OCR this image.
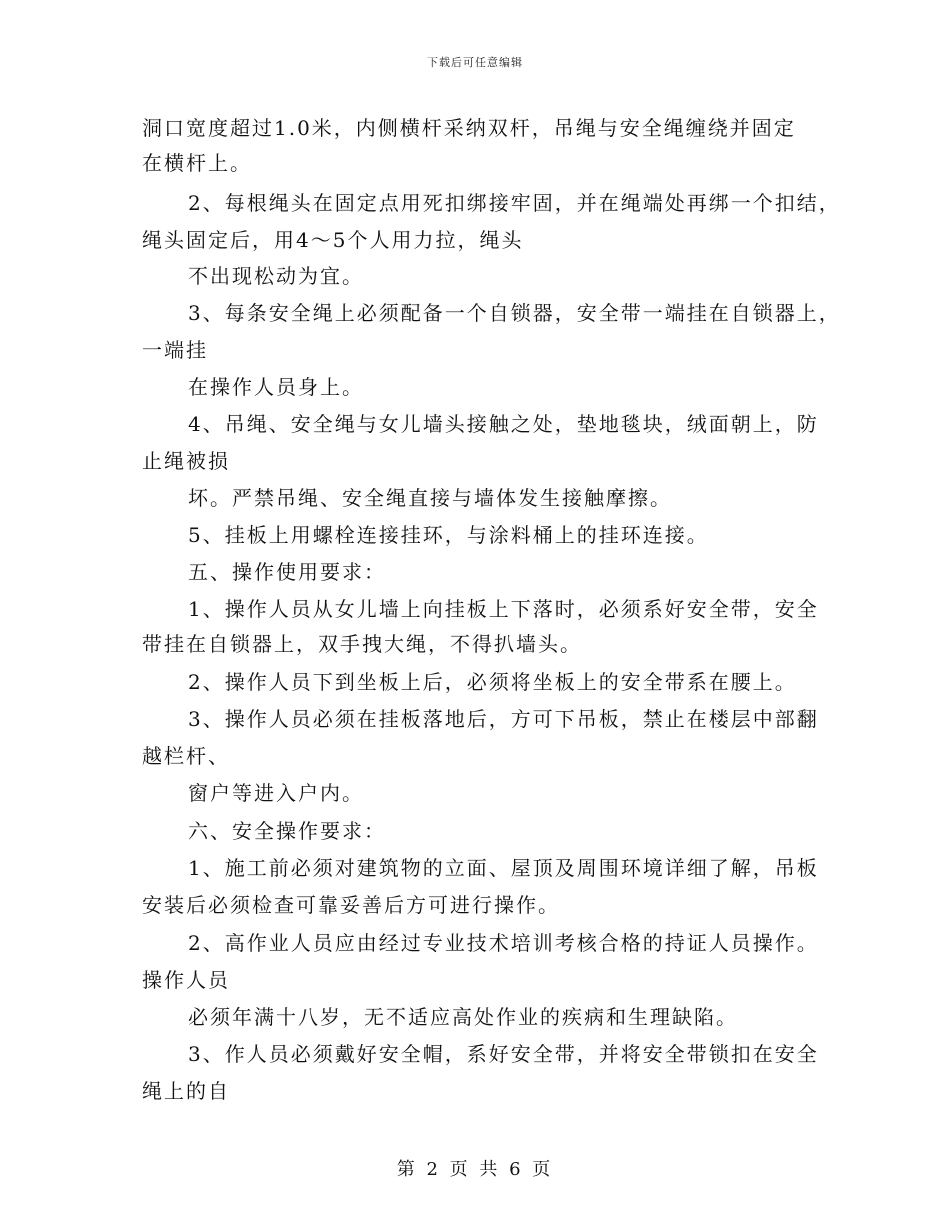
下载后可任意编辑
洞口宽度超过1.0米，内侧横杆采纳双杆，吊绳与安全绳缠绕并固定
在横杆上。
2、每根绳头在固定点用死扣绑接牢固，并在绳端处再绑一个扣结，
绳头固定后，用4～5个人用力拉，绳头
不出现松动为宜。
3、每条安全绳上必须配备一个自锁器，安全带一端挂在自锁器上，
一端挂
在操作人员身上。
4、吊绳、安全绳与女儿墙头接触之处，垫地毯块，绒面朝上，防
止绳被损
坏。严禁吊绳、安全绳直接与墙体发生接触摩擦。
5、挂板上用螺栓连接挂环，与涂料桶上的挂环连接。
五、操作使用要求：
1、操作人员从女儿墙上向挂板上下落时，必须系好安全带，安全
带挂在自锁器上，双手拽大绳，不得扒墙头。
2、操作人员下到坐板上后，必须将坐板上的安全带系在腰上。
3、操作人员必须在挂板落地后，方可下吊板，禁止在楼层中部翻
越栏杆、
窗户等进入户内。
六、安全操作要求：
1、施工前必须对建筑物的立面、屋顶及周围环境详细了解，吊板
安装后必须检查可靠妥善后方可进行操作。
2、高作业人员应由经过专业技术培训考核合格的持证人员操作。
操作人员
必须年满十八岁，无不适应高处作业的疾病和生理缺陷。
3、作人员必须戴好安全帽，系好安全带，并将安全带锁扣在安全
绳上的自
第 2 页 共 6 页
